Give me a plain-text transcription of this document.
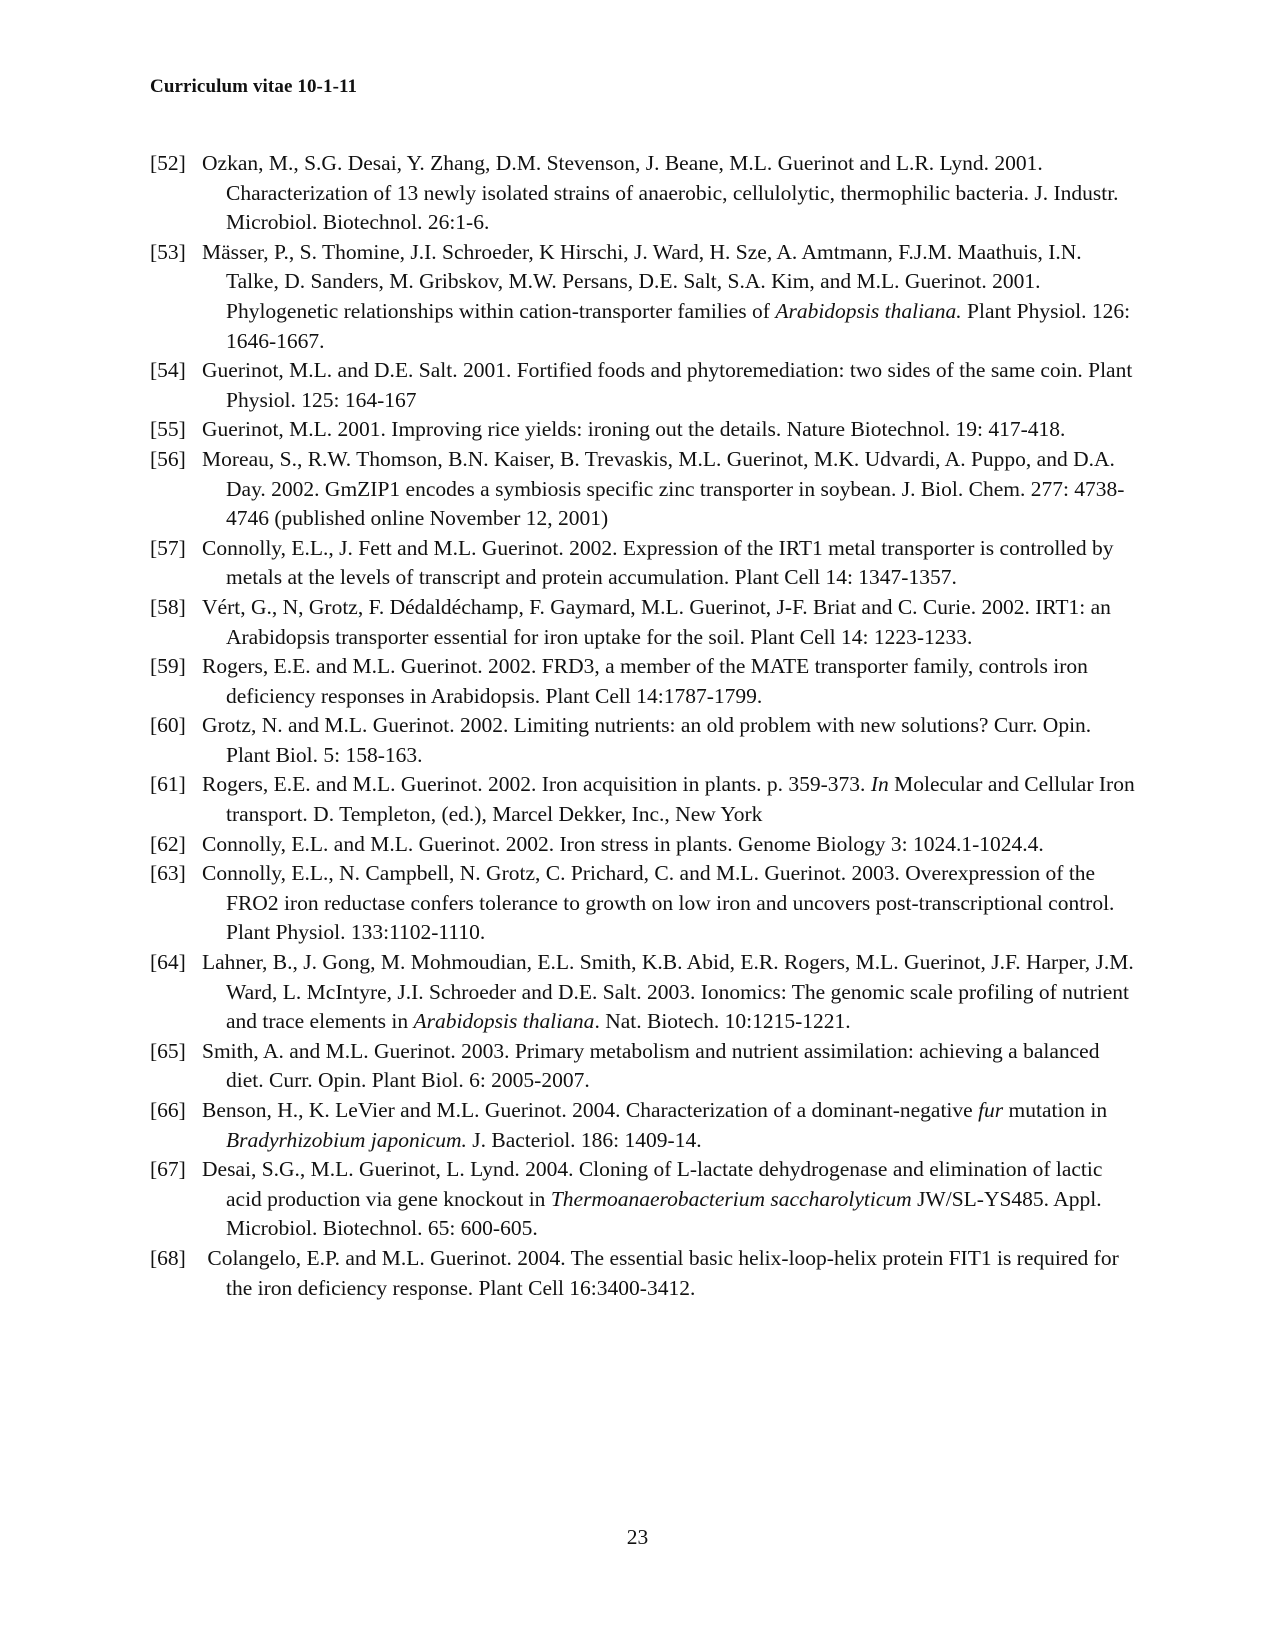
Curriculum vitae 10-1-11
[52] Ozkan, M., S.G. Desai, Y. Zhang, D.M. Stevenson, J. Beane, M.L. Guerinot and L.R. Lynd. 2001. Characterization of 13 newly isolated strains of anaerobic, cellulolytic, thermophilic bacteria. J. Industr. Microbiol. Biotechnol. 26:1-6.
[53] Mässer, P., S. Thomine, J.I. Schroeder, K Hirschi, J. Ward, H. Sze, A. Amtmann, F.J.M. Maathuis, I.N. Talke, D. Sanders, M. Gribskov, M.W. Persans, D.E. Salt, S.A. Kim, and M.L. Guerinot. 2001. Phylogenetic relationships within cation-transporter families of Arabidopsis thaliana. Plant Physiol. 126: 1646-1667.
[54] Guerinot, M.L. and D.E. Salt. 2001. Fortified foods and phytoremediation: two sides of the same coin. Plant Physiol. 125: 164-167
[55] Guerinot, M.L. 2001. Improving rice yields: ironing out the details. Nature Biotechnol. 19: 417-418.
[56] Moreau, S., R.W. Thomson, B.N. Kaiser, B. Trevaskis, M.L. Guerinot, M.K. Udvardi, A. Puppo, and D.A. Day. 2002. GmZIP1 encodes a symbiosis specific zinc transporter in soybean. J. Biol. Chem. 277: 4738-4746 (published online November 12, 2001)
[57] Connolly, E.L., J. Fett and M.L. Guerinot. 2002. Expression of the IRT1 metal transporter is controlled by metals at the levels of transcript and protein accumulation. Plant Cell 14: 1347-1357.
[58] Vért, G., N, Grotz, F. Dédaldéchamp, F. Gaymard, M.L. Guerinot, J-F. Briat and C. Curie. 2002. IRT1: an Arabidopsis transporter essential for iron uptake for the soil. Plant Cell 14: 1223-1233.
[59] Rogers, E.E. and M.L. Guerinot. 2002. FRD3, a member of the MATE transporter family, controls iron deficiency responses in Arabidopsis. Plant Cell 14:1787-1799.
[60] Grotz, N. and M.L. Guerinot. 2002. Limiting nutrients: an old problem with new solutions? Curr. Opin. Plant Biol. 5: 158-163.
[61] Rogers, E.E. and M.L. Guerinot. 2002. Iron acquisition in plants. p. 359-373. In Molecular and Cellular Iron transport. D. Templeton, (ed.), Marcel Dekker, Inc., New York
[62] Connolly, E.L. and M.L. Guerinot. 2002. Iron stress in plants. Genome Biology 3: 1024.1-1024.4.
[63] Connolly, E.L., N. Campbell, N. Grotz, C. Prichard, C. and M.L. Guerinot. 2003. Overexpression of the FRO2 iron reductase confers tolerance to growth on low iron and uncovers post-transcriptional control. Plant Physiol. 133:1102-1110.
[64] Lahner, B., J. Gong, M. Mohmoudian, E.L. Smith, K.B. Abid, E.R. Rogers, M.L. Guerinot, J.F. Harper, J.M. Ward, L. McIntyre, J.I. Schroeder and D.E. Salt. 2003. Ionomics: The genomic scale profiling of nutrient and trace elements in Arabidopsis thaliana. Nat. Biotech. 10:1215-1221.
[65] Smith, A. and M.L. Guerinot. 2003. Primary metabolism and nutrient assimilation: achieving a balanced diet. Curr. Opin. Plant Biol. 6: 2005-2007.
[66] Benson, H., K. LeVier and M.L. Guerinot. 2004. Characterization of a dominant-negative fur mutation in Bradyrhizobium japonicum. J. Bacteriol. 186: 1409-14.
[67] Desai, S.G., M.L. Guerinot, L. Lynd. 2004. Cloning of L-lactate dehydrogenase and elimination of lactic acid production via gene knockout in Thermoanaerobacterium saccharolyticum JW/SL-YS485. Appl. Microbiol. Biotechnol. 65: 600-605.
[68] Colangelo, E.P. and M.L. Guerinot. 2004. The essential basic helix-loop-helix protein FIT1 is required for the iron deficiency response. Plant Cell 16:3400-3412.
23
